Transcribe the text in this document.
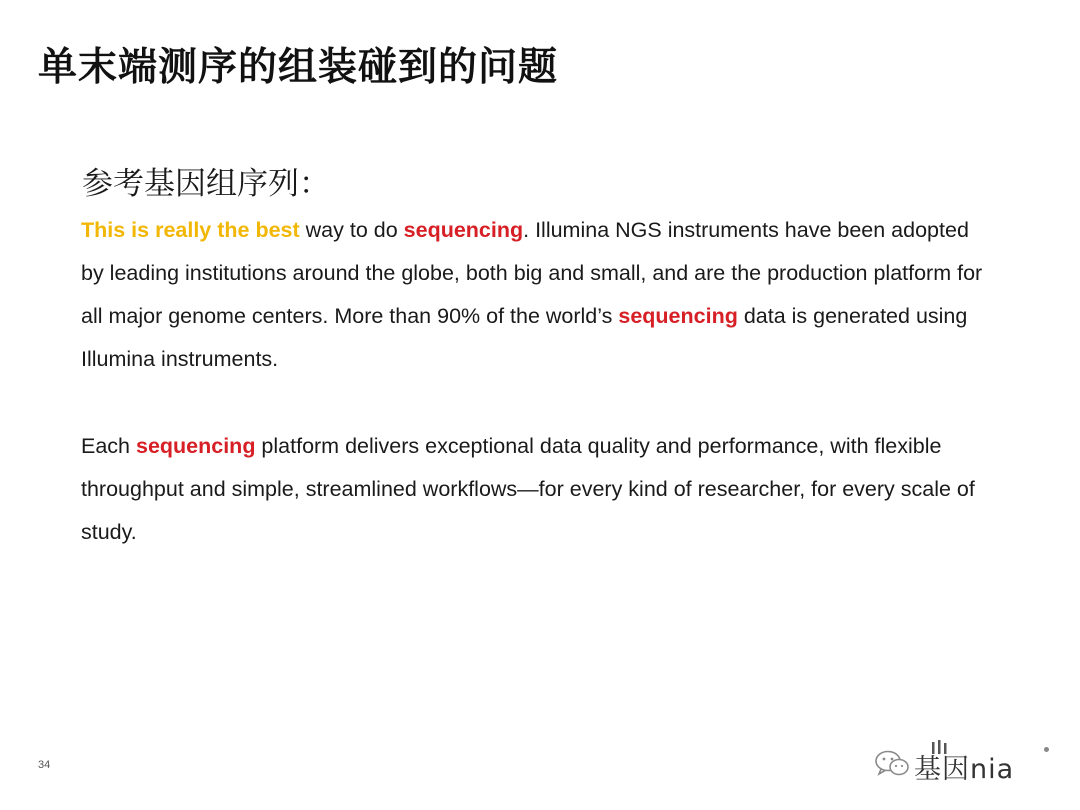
单末端测序的组装碰到的问题
参考基因组序列：
This is really the best way to do sequencing. Illumina NGS instruments have been adopted by leading institutions around the globe, both big and small, and are the production platform for all major genome centers. More than 90% of the world’s sequencing data is generated using Illumina instruments.
Each sequencing platform delivers exceptional data quality and performance, with flexible throughput and simple, streamlined workflows—for every kind of researcher, for every scale of study.
34	基因nia
